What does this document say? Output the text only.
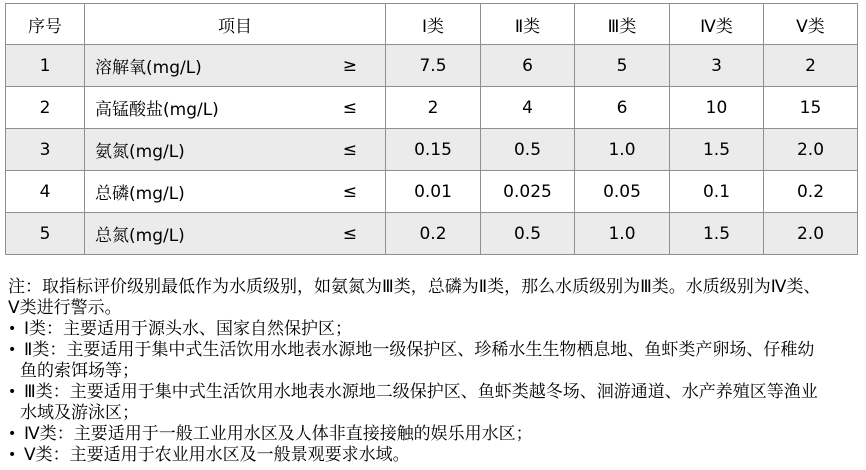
序号	项目	Ⅰ类	Ⅱ类	Ⅲ类	Ⅳ类	Ⅴ类
1	溶解氧(mg/L) ≥	7.5	6	5	3	2
2	高锰酸盐(mg/L) ≤	2	4	6	10	15
3	氨氮(mg/L) ≤	0.15	0.5	1.0	1.5	2.0
4	总磷(mg/L) ≤	0.01	0.025	0.05	0.1	0.2
5	总氮(mg/L) ≤	0.2	0.5	1.0	1.5	2.0
注：取指标评价级别最低作为水质级别，如氨氮为Ⅲ类，总磷为Ⅱ类，那么水质级别为Ⅲ类。水质级别为Ⅳ类、
Ⅴ类进行警示。
• Ⅰ类：主要适用于源头水、国家自然保护区；
• Ⅱ类：主要适用于集中式生活饮用水地表水源地一级保护区、珍稀水生生物栖息地、鱼虾类产卵场、仔稚幼
鱼的索饵场等；
• Ⅲ类：主要适用于集中式生活饮用水地表水源地二级保护区、鱼虾类越冬场、洄游通道、水产养殖区等渔业
水域及游泳区；
• Ⅳ类：主要适用于一般工业用水区及人体非直接接触的娱乐用水区；
• Ⅴ类：主要适用于农业用水区及一般景观要求水域。
